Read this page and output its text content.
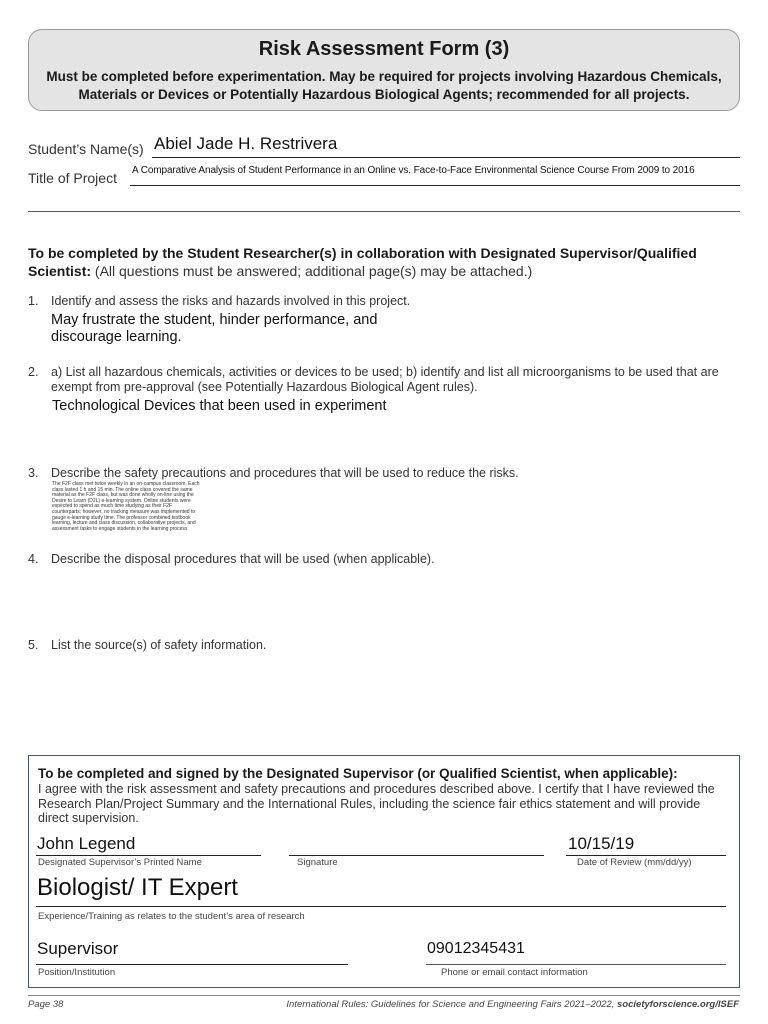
Risk Assessment Form (3)
Must be completed before experimentation. May be required for projects involving Hazardous Chemicals, Materials or Devices or Potentially Hazardous Biological Agents; recommended for all projects.
Student’s Name(s) Abiel Jade H. Restrivera
Title of Project A Comparative Analysis of Student Performance in an Online vs. Face-to-Face Environmental Science Course From 2009 to 2016
To be completed by the Student Researcher(s) in collaboration with Designated Supervisor/Qualified Scientist: (All questions must be answered; additional page(s) may be attached.)
1. Identify and assess the risks and hazards involved in this project.
May frustrate the student, hinder performance, and discourage learning.
2. a) List all hazardous chemicals, activities or devices to be used; b) identify and list all microorganisms to be used that are exempt from pre-approval (see Potentially Hazardous Biological Agent rules).
Technological Devices that been used in experiment
3. Describe the safety precautions and procedures that will be used to reduce the risks.
The F2F class met twice weekly in an on-campus classroom. Each class lasted 1 h and 15 min. The online class covered the same material as the F2F class, but was done wholly on-line using the Desire to Learn (D2L) e-learning system. Online students were expected to spend as much time studying as their F2F counterparts; however, no tracking measure was implemented to gauge e-learning study time. The professor combined textbook learning, lecture and class discussion, collaborative projects, and assessment tasks to engage students in the learning process
4. Describe the disposal procedures that will be used (when applicable).
5. List the source(s) of safety information.
To be completed and signed by the Designated Supervisor (or Qualified Scientist, when applicable):
I agree with the risk assessment and safety precautions and procedures described above. I certify that I have reviewed the Research Plan/Project Summary and the International Rules, including the science fair ethics statement and will provide direct supervision.
John Legend
Designated Supervisor’s Printed Name	Signature
10/15/19
Date of Review (mm/dd/yy)
Biologist/ IT Expert
Experience/Training as relates to the student’s area of research
Supervisor
Position/Institution
09012345431
Phone or email contact information
Page 38	International Rules: Guidelines for Science and Engineering Fairs 2021–2022, societyforscience.org/ISEF
